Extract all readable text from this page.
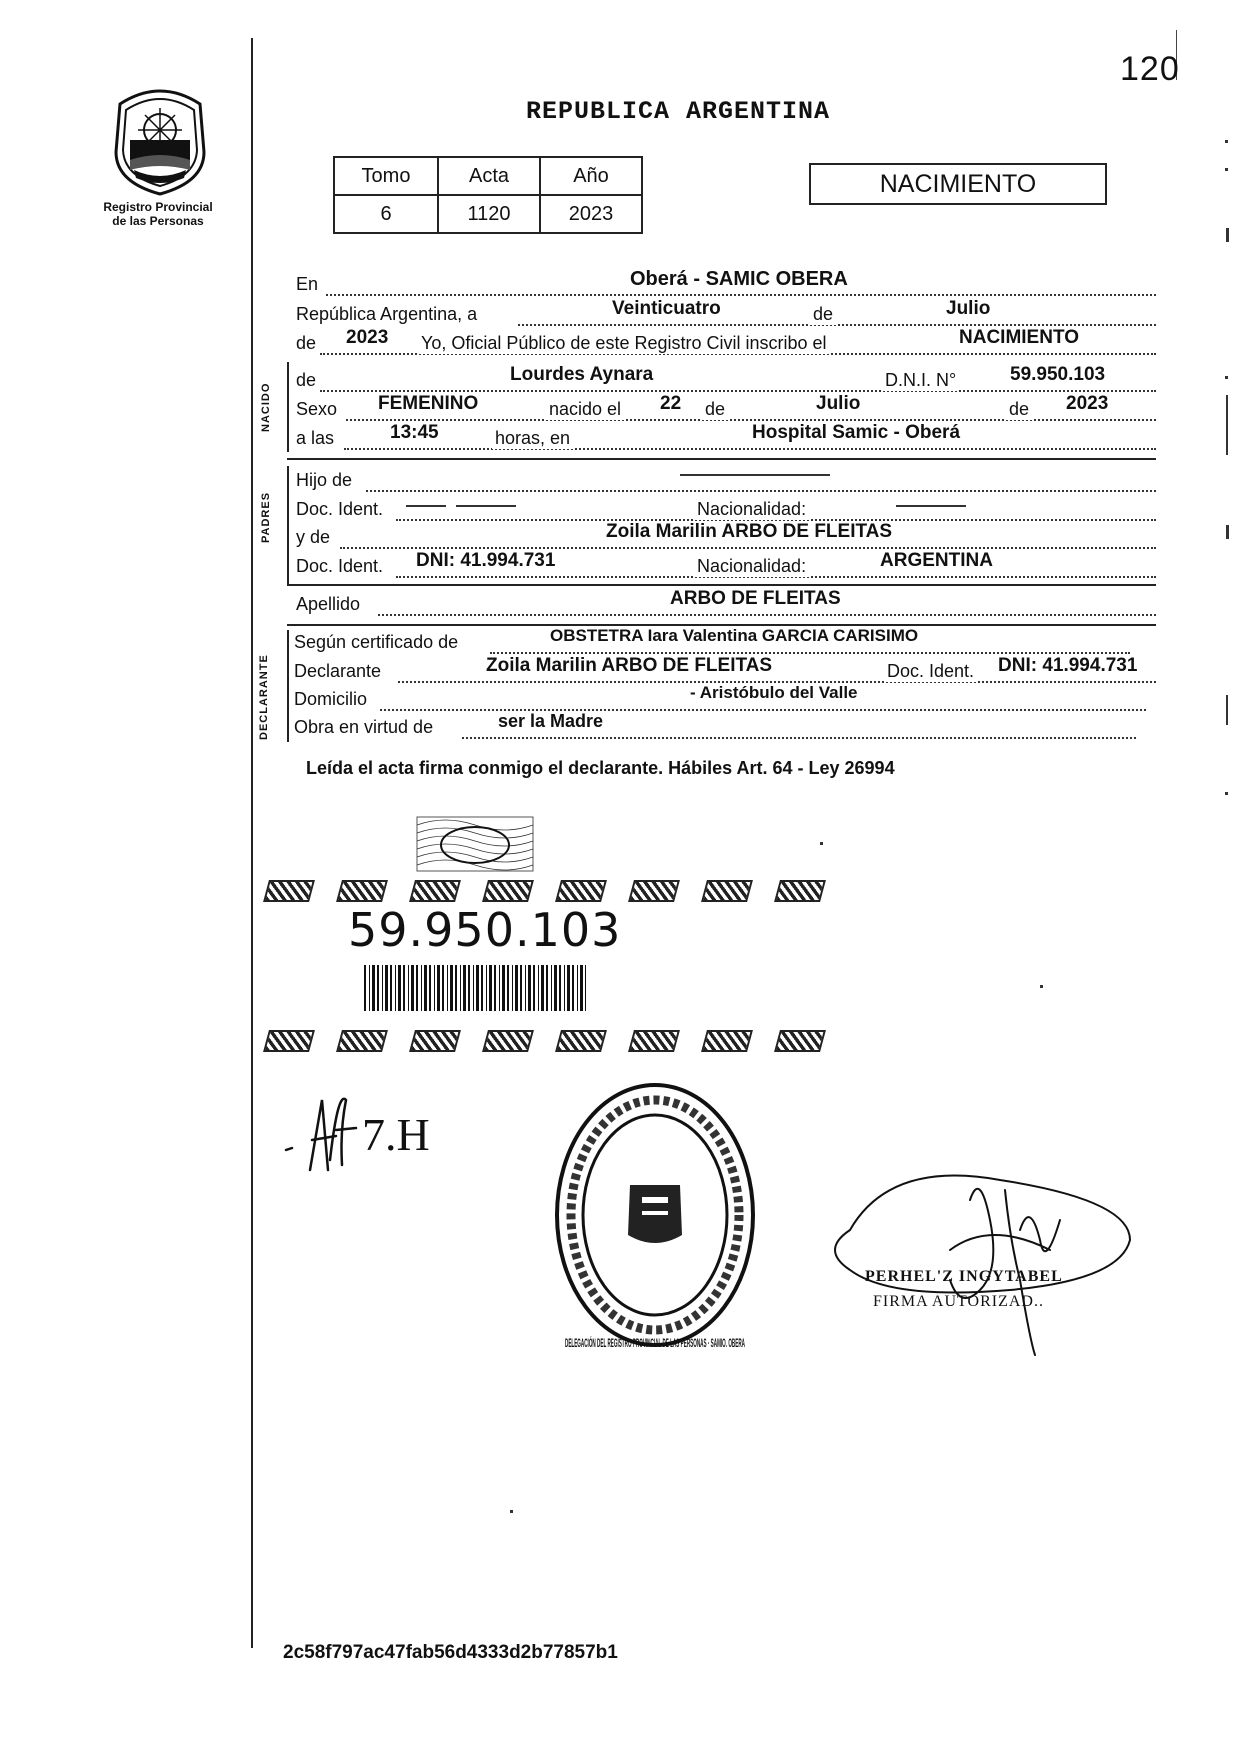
120
Registro Provincial
de las Personas
REPUBLICA ARGENTINA
Tomo	Acta	Año
6	1120	2023
NACIMIENTO
En	Oberá - SAMIC OBERA
República Argentina, a	Veinticuatro	de	Julio
de 2023 Yo, Oficial Público de este Registro Civil inscribo el	NACIMIENTO
NACIDO
de	Lourdes Aynara	D.N.I. N°	59.950.103
Sexo FEMENINO	nacido el 22 de	Julio	de 2023
a las	13:45	horas, en	Hospital Samic - Oberá
PADRES
Hijo de
Doc. Ident.	Nacionalidad:
y de	Zoila Marilin ARBO DE FLEITAS
Doc. Ident. DNI: 41.994.731	Nacionalidad:	ARGENTINA
Apellido	ARBO DE FLEITAS
DECLARANTE
Según certificado de	OBSTETRA Iara Valentina GARCIA CARISIMO
Declarante	Zoila Marilin ARBO DE FLEITAS	Doc. Ident. DNI: 41.994.731
Domicilio	- Aristóbulo del Valle
Obra en virtud de	ser la Madre
Leída el acta firma conmigo el declarante. Hábiles Art. 64 - Ley 26994
59.950.103
7.H
DELEGACIÓN DEL REGISTRO PROVINCIAL DE LAS PERSONAS · SAMIO. OBERA
PERHEL'Z INGYTABEL
FIRMA AUTORIZAD..
2c58f797ac47fab56d4333d2b77857b1
